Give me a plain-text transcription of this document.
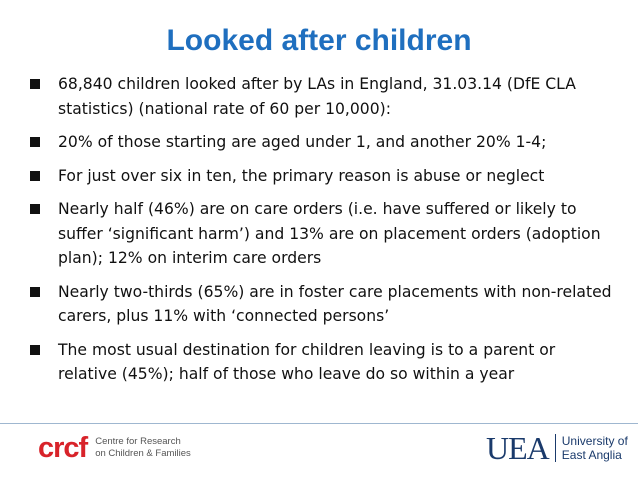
Looked after children
68,840 children looked after by LAs in England, 31.03.14 (DfE CLA statistics) (national rate of 60 per 10,000):
20% of those starting are aged under 1, and another 20% 1-4;
For just over six in ten, the primary reason is abuse or neglect
Nearly half (46%) are on care orders (i.e. have suffered or likely to suffer ‘significant harm’) and 13% are on placement orders (adoption plan); 12% on interim care orders
Nearly two-thirds (65%) are in foster care placements with non-related carers, plus 11% with ‘connected persons’
The most usual destination for children leaving is to a parent or relative (45%); half of those who leave do so within a year
crcf Centre for Research
on Children & Families	UEA University of
East Anglia
